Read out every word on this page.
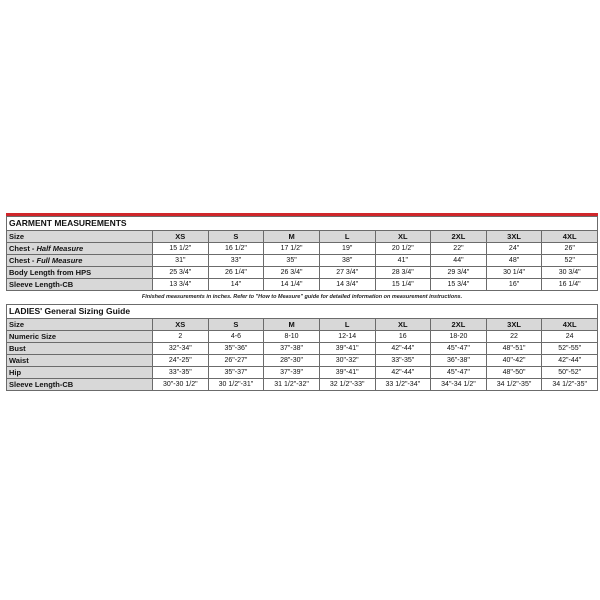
GARMENT MEASUREMENTS
Size	XS	S	M	L	XL	2XL	3XL	4XL
Chest - Half Measure	15 1/2"	16 1/2"	17 1/2"	19"	20 1/2"	22"	24"	26"
Chest - Full Measure	31"	33"	35"	38"	41"	44"	48"	52"
Body Length from HPS	25 3/4"	26 1/4"	26 3/4"	27 3/4"	28 3/4"	29 3/4"	30 1/4"	30 3/4"
Sleeve Length-CB	13 3/4"	14"	14 1/4"	14 3/4"	15 1/4"	15 3/4"	16"	16 1/4"
Finished measurements in inches. Refer to "How to Measure" guide for detailed information on measurement instructions.
LADIES' General Sizing Guide
Size	XS	S	M	L	XL	2XL	3XL	4XL
Numeric Size	2	4-6	8-10	12-14	16	18-20	22	24
Bust	32"-34"	35"-36"	37"-38"	39"-41"	42"-44"	45"-47"	48"-51"	52"-55"
Waist	24"-25"	26"-27"	28"-30"	30"-32"	33"-35"	36"-38"	40"-42"	42"-44"
Hip	33"-35"	35"-37"	37"-39"	39"-41"	42"-44"	45"-47"	48"-50"	50"-52"
Sleeve Length-CB	30"-30 1/2"	30 1/2"-31"	31 1/2"-32"	32 1/2"-33"	33 1/2"-34"	34"-34 1/2"	34 1/2"-35"	34 1/2"-35"
